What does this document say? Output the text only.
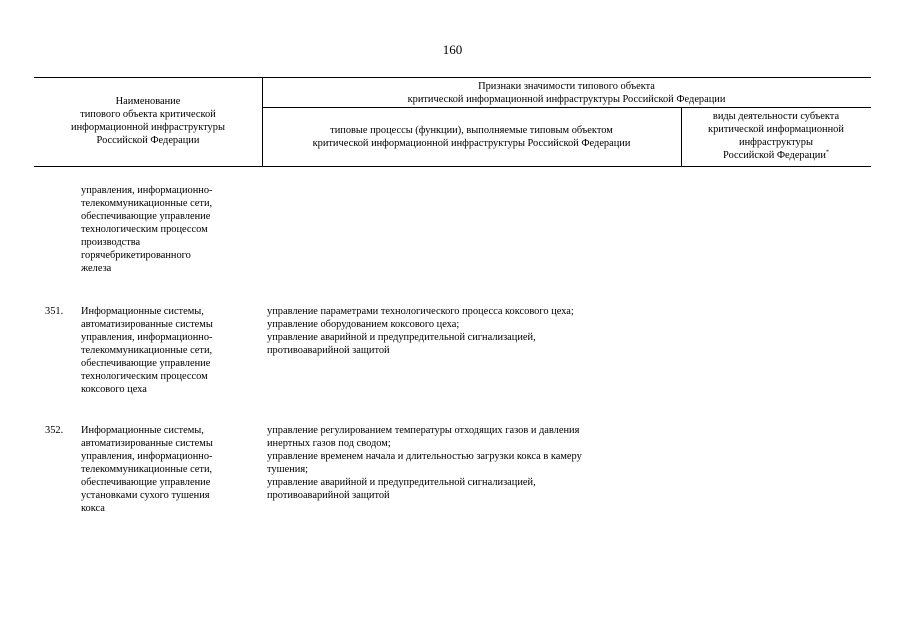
160
Наименование
типового объекта критической
информационной инфраструктуры
Российской Федерации
Признаки значимости типового объекта
критической информационной инфраструктуры Российской Федерации
типовые процессы (функции), выполняемые типовым объектом
критической информационной инфраструктуры Российской Федерации
виды деятельности субъекта
критической информационной
инфраструктуры
Российской Федерации*
управления, информационно-
телекоммуникационные сети,
обеспечивающие управление
технологическим процессом
производства
горячебрикетированного
железа
351.	Информационные системы,
автоматизированные системы
управления, информационно-
телекоммуникационные сети,
обеспечивающие управление
технологическим процессом
коксового цеха
управление параметрами технологического процесса коксового цеха;
управление оборудованием коксового цеха;
управление аварийной и предупредительной сигнализацией,
противоаварийной защитой
352.	Информационные системы,
автоматизированные системы
управления, информационно-
телекоммуникационные сети,
обеспечивающие управление
установками сухого тушения
кокса
управление регулированием температуры отходящих газов и давления
инертных газов под сводом;
управление временем начала и длительностью загрузки кокса в камеру
тушения;
управление аварийной и предупредительной сигнализацией,
противоаварийной защитой
